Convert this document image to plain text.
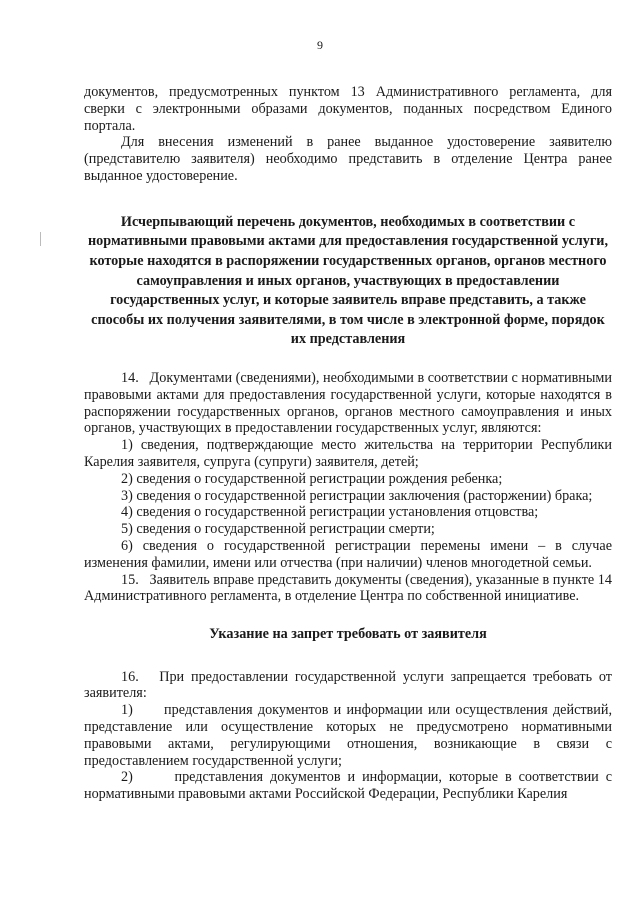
9

документов, предусмотренных пунктом 13 Административного регламента, для сверки с электронными образами документов, поданных посредством Единого портала.

Для внесения изменений в ранее выданное удостоверение заявителю (представителю заявителя) необходимо представить в отделение Центра ранее выданное удостоверение.

Исчерпывающий перечень документов, необходимых в соответствии с нормативными правовыми актами для предоставления государственной услуги, которые находятся в распоряжении государственных органов, органов местного самоуправления и иных органов, участвующих в предоставлении государственных услуг, и которые заявитель вправе представить, а также способы их получения заявителями, в том числе в электронной форме, порядок их представления

14.   Документами (сведениями), необходимыми в соответствии с нормативными правовыми актами для предоставления государственной услуги, которые находятся в распоряжении государственных органов, органов местного самоуправления и иных органов, участвующих в предоставлении государственных услуг, являются:

1) сведения, подтверждающие место жительства на территории Республики Карелия заявителя, супруга (супруги) заявителя, детей;

2) сведения о государственной регистрации рождения ребенка;

3) сведения о государственной регистрации заключения (расторжении) брака;

4) сведения о государственной регистрации установления отцовства;

5) сведения о государственной регистрации смерти;

6) сведения о государственной регистрации перемены имени – в случае изменения фамилии, имени или отчества (при наличии) членов многодетной семьи.

15.   Заявитель вправе представить документы (сведения), указанные в пункте 14 Административного регламента, в отделение Центра по собственной инициативе.

Указание на запрет требовать от заявителя

16.   При предоставлении государственной услуги запрещается требовать от заявителя:

1)      представления документов и информации или осуществления действий, представление или осуществление которых не предусмотрено нормативными правовыми актами, регулирующими отношения, возникающие в связи с предоставлением государственной услуги;

2)      представления документов и информации, которые в соответствии с нормативными правовыми актами Российской Федерации, Республики Карелия
